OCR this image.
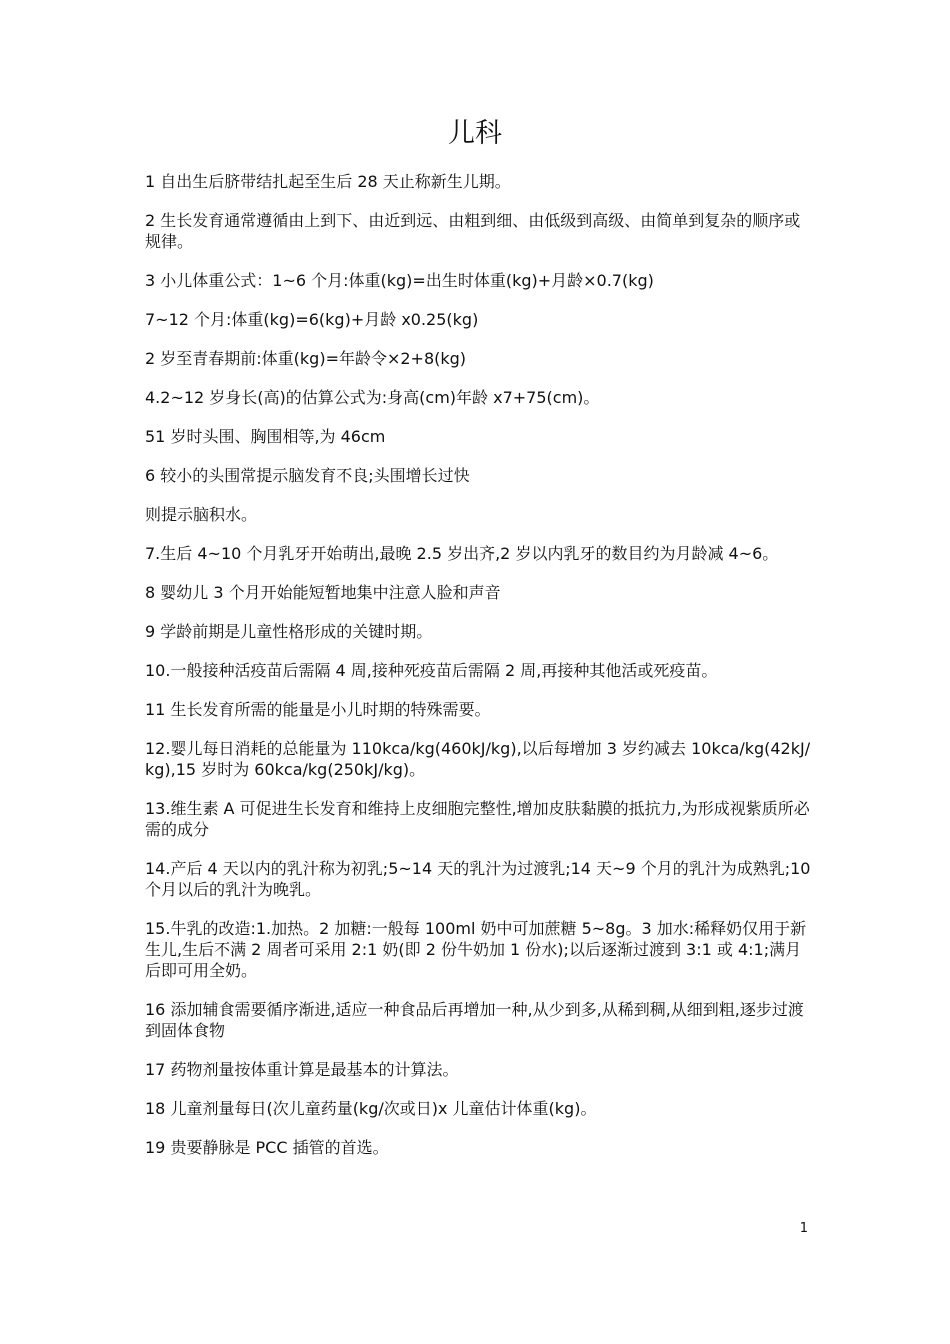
儿科

1 自出生后脐带结扎起至生后 28 天止称新生儿期。

2 生长发育通常遵循由上到下、由近到远、由粗到细、由低级到高级、由简单到复杂的顺序或规律。

3 小儿体重公式：1~6 个月:体重(kg)=出生时体重(kg)+月龄×0.7(kg)

7~12 个月:体重(kg)=6(kg)+月龄 x0.25(kg)

2 岁至青春期前:体重(kg)=年龄令×2+8(kg)

4.2~12 岁身长(高)的估算公式为:身高(cm)年龄 x7+75(cm)。

51 岁时头围、胸围相等,为 46cm

6 较小的头围常提示脑发育不良;头围增长过快

则提示脑积水。

7.生后 4~10 个月乳牙开始萌出,最晚 2.5 岁出齐,2 岁以内乳牙的数目约为月龄减 4~6。

8 婴幼儿 3 个月开始能短暂地集中注意人脸和声音

9 学龄前期是儿童性格形成的关键时期。

10.一般接种活疫苗后需隔 4 周,接种死疫苗后需隔 2 周,再接种其他活或死疫苗。

11 生长发育所需的能量是小儿时期的特殊需要。

12.婴儿每日消耗的总能量为 110kca/kg(460kJ/kg),以后每增加 3 岁约减去 10kca/kg(42kJ/kg),15 岁时为 60kca/kg(250kJ/kg)。

13.维生素 A 可促进生长发育和维持上皮细胞完整性,增加皮肤黏膜的抵抗力,为形成视紫质所必需的成分

14.产后 4 天以内的乳汁称为初乳;5~14 天的乳汁为过渡乳;14 天~9 个月的乳汁为成熟乳;10 个月以后的乳汁为晚乳。

15.牛乳的改造:1.加热。2 加糖:一般每 100ml 奶中可加蔗糖 5~8g。3 加水:稀释奶仅用于新生儿,生后不满 2 周者可采用 2:1 奶(即 2 份牛奶加 1 份水);以后逐渐过渡到 3:1 或 4:1;满月后即可用全奶。

16 添加辅食需要循序渐进,适应一种食品后再增加一种,从少到多,从稀到稠,从细到粗,逐步过渡到固体食物

17 药物剂量按体重计算是最基本的计算法。

18 儿童剂量每日(次儿童药量(kg/次或日)x 儿童估计体重(kg)。

19 贵要静脉是 PCC 插管的首选。

1
